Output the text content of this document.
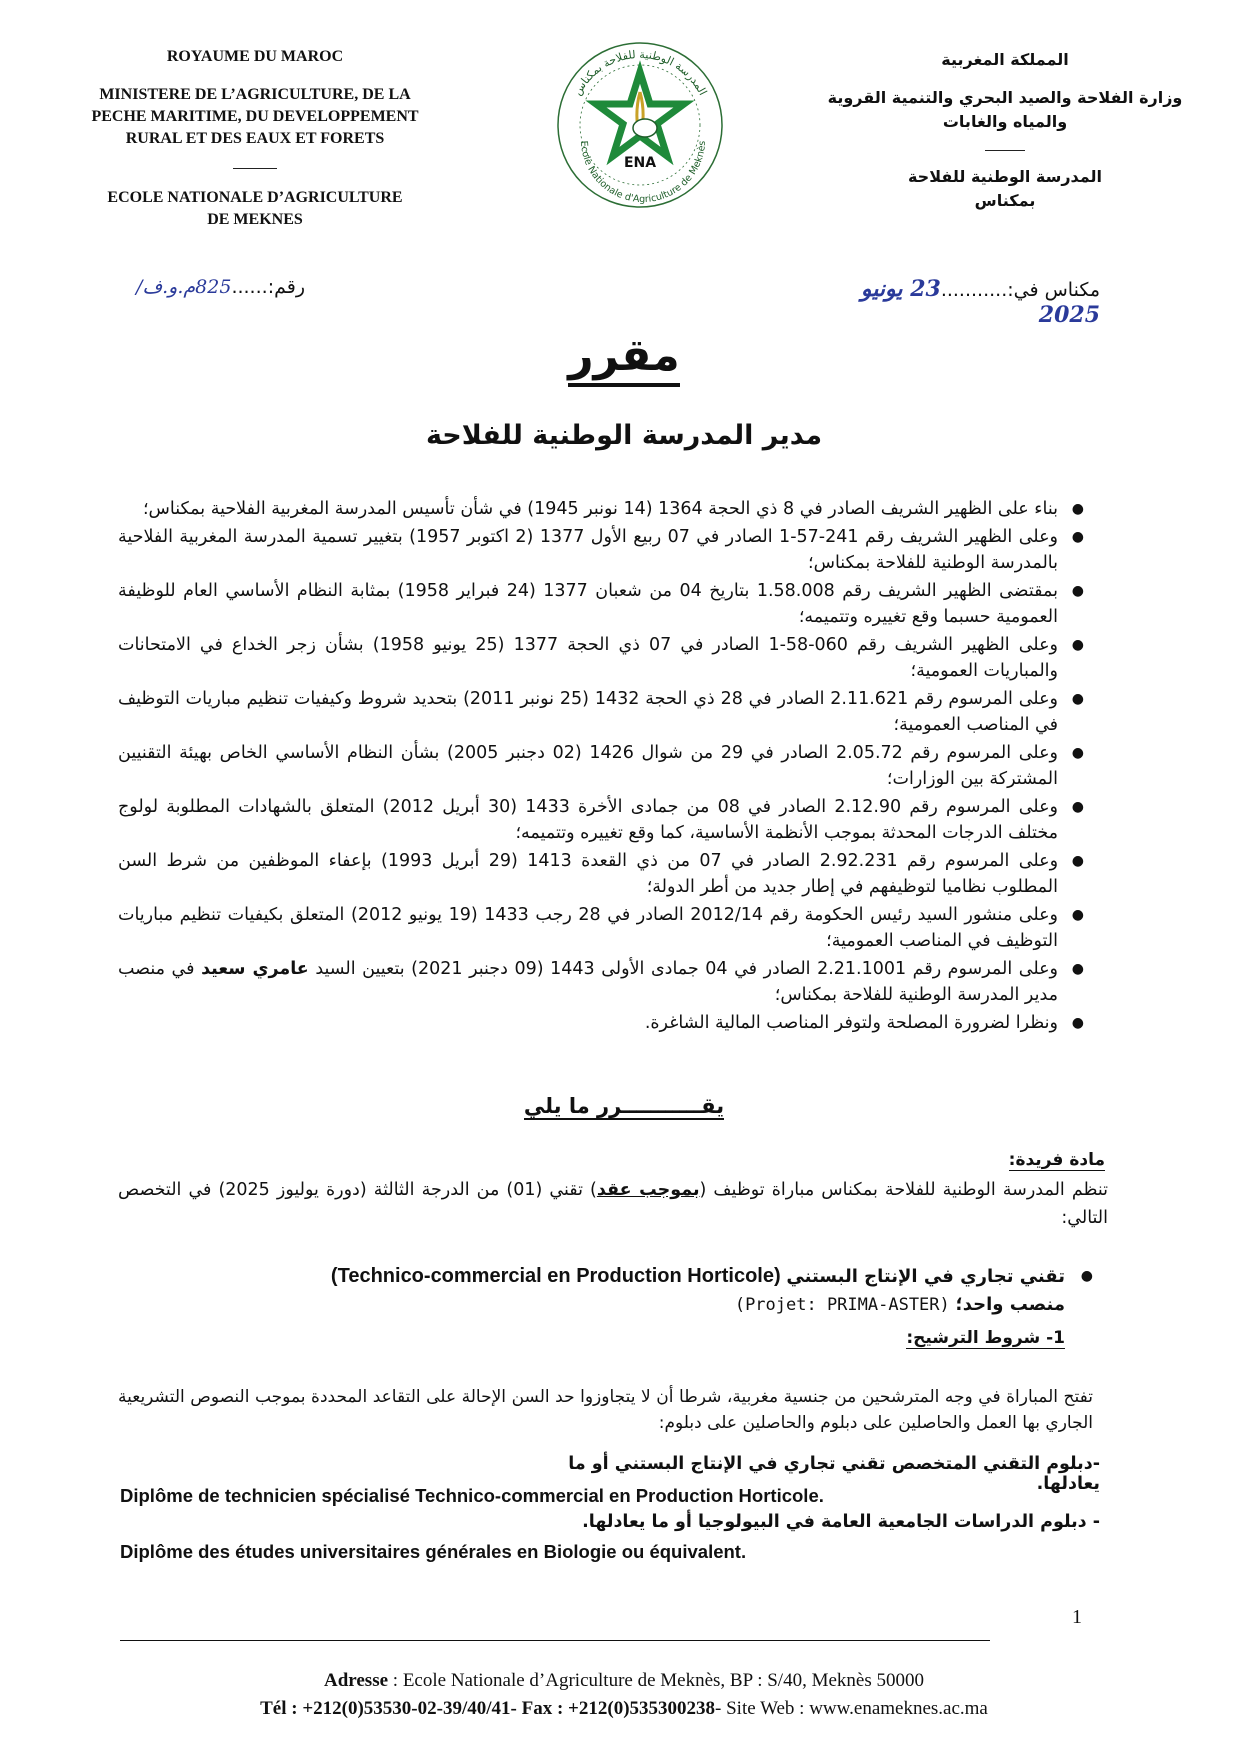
ROYAUME DU MAROC
MINISTERE DE L’AGRICULTURE, DE LA
PECHE MARITIME, DU DEVELOPPEMENT
RURAL ET DES EAUX ET FORETS
ECOLE NATIONALE D’AGRICULTURE
DE MEKNES
المدرسة الوطنية للفلاحة بمكناس
Ecole Nationale d'Agriculture de Meknès
ENA
المملكة المغربية
وزارة الفلاحة والصيد البحري والتنمية القروية
والمياه والغابات
المدرسة الوطنية للفلاحة
بمكناس
رقم:......825م.و.ف/	مكناس في:...........23 يونيو 2025
مقرر
مدير المدرسة الوطنية للفلاحة
●
بناء على الظهير الشريف الصادر في 8 ذي الحجة 1364 (14 نونبر 1945) في شأن تأسيس المدرسة المغربية الفلاحية بمكناس؛
●
وعلى الظهير الشريف رقم 241-57-1 الصادر في 07 ربيع الأول 1377 (2 اكتوبر 1957) بتغيير تسمية المدرسة المغربية الفلاحية بالمدرسة الوطنية للفلاحة بمكناس؛
●
بمقتضى الظهير الشريف رقم 1.58.008 بتاريخ 04 من شعبان 1377 (24 فبراير 1958) بمثابة النظام الأساسي العام للوظيفة العمومية حسبما وقع تغييره وتتميمه؛
●
وعلى الظهير الشريف رقم 060-58-1 الصادر في 07 ذي الحجة 1377 (25 يونيو 1958) بشأن زجر الخداع في الامتحانات والمباريات العمومية؛
●
وعلى المرسوم رقم 2.11.621 الصادر في 28 ذي الحجة 1432 (25 نونبر 2011) بتحديد شروط وكيفيات تنظيم مباريات التوظيف في المناصب العمومية؛
●
وعلى المرسوم رقم 2.05.72 الصادر في 29 من شوال 1426 (02 دجنبر 2005) بشأن النظام الأساسي الخاص بهيئة التقنيين المشتركة بين الوزارات؛
●
وعلى المرسوم رقم 2.12.90 الصادر في 08 من جمادى الأخرة 1433 (30 أبريل 2012) المتعلق بالشهادات المطلوبة لولوج مختلف الدرجات المحدثة بموجب الأنظمة الأساسية، كما وقع تغييره وتتميمه؛
●
وعلى المرسوم رقم 2.92.231 الصادر في 07 من ذي القعدة 1413 (29 أبريل 1993) بإعفاء الموظفين من شرط السن المطلوب نظاميا لتوظيفهم في إطار جديد من أطر الدولة؛
●
وعلى منشور السيد رئيس الحكومة رقم 2012/14 الصادر في 28 رجب 1433 (19 يونيو 2012) المتعلق بكيفيات تنظيم مباريات التوظيف في المناصب العمومية؛
●
وعلى المرسوم رقم 2.21.1001 الصادر في 04 جمادى الأولى 1443 (09 دجنبر 2021) بتعيين السيد عامري سعيد في منصب مدير المدرسة الوطنية للفلاحة بمكناس؛
●
ونظرا لضرورة المصلحة ولتوفر المناصب المالية الشاغرة.
يقـــــــــــرر ما يلي
مادة فريدة:
تنظم المدرسة الوطنية للفلاحة بمكناس مباراة توظيف (بموجب عقد) تقني (01) من الدرجة الثالثة (دورة يوليوز 2025) في التخصص التالي:
●
تقني تجاري في الإنتاج البستني (Technico-commercial en Production Horticole)
منصب واحد؛ (Projet: PRIMA-ASTER)
1- شروط الترشيح:
تفتح المباراة في وجه المترشحين من جنسية مغربية، شرطا أن لا يتجاوزوا حد السن الإحالة على التقاعد المحددة بموجب النصوص التشريعية الجاري بها العمل والحاصلين على دبلوم والحاصلين على دبلوم:
-دبلوم التقني المتخصص تقني تجاري في الإنتاج البستني أو ما يعادلها.
Diplôme de technicien spécialisé Technico-commercial en Production Horticole.
- دبلوم الدراسات الجامعية العامة في البيولوجيا أو ما يعادلها.
Diplôme des études universitaires générales en Biologie ou équivalent.
1
Adresse : Ecole Nationale d’Agriculture de Meknès, BP : S/40, Meknès 50000
Tél : +212(0)53530-02-39/40/41- Fax : +212(0)535300238- Site Web : www.enameknes.ac.ma
